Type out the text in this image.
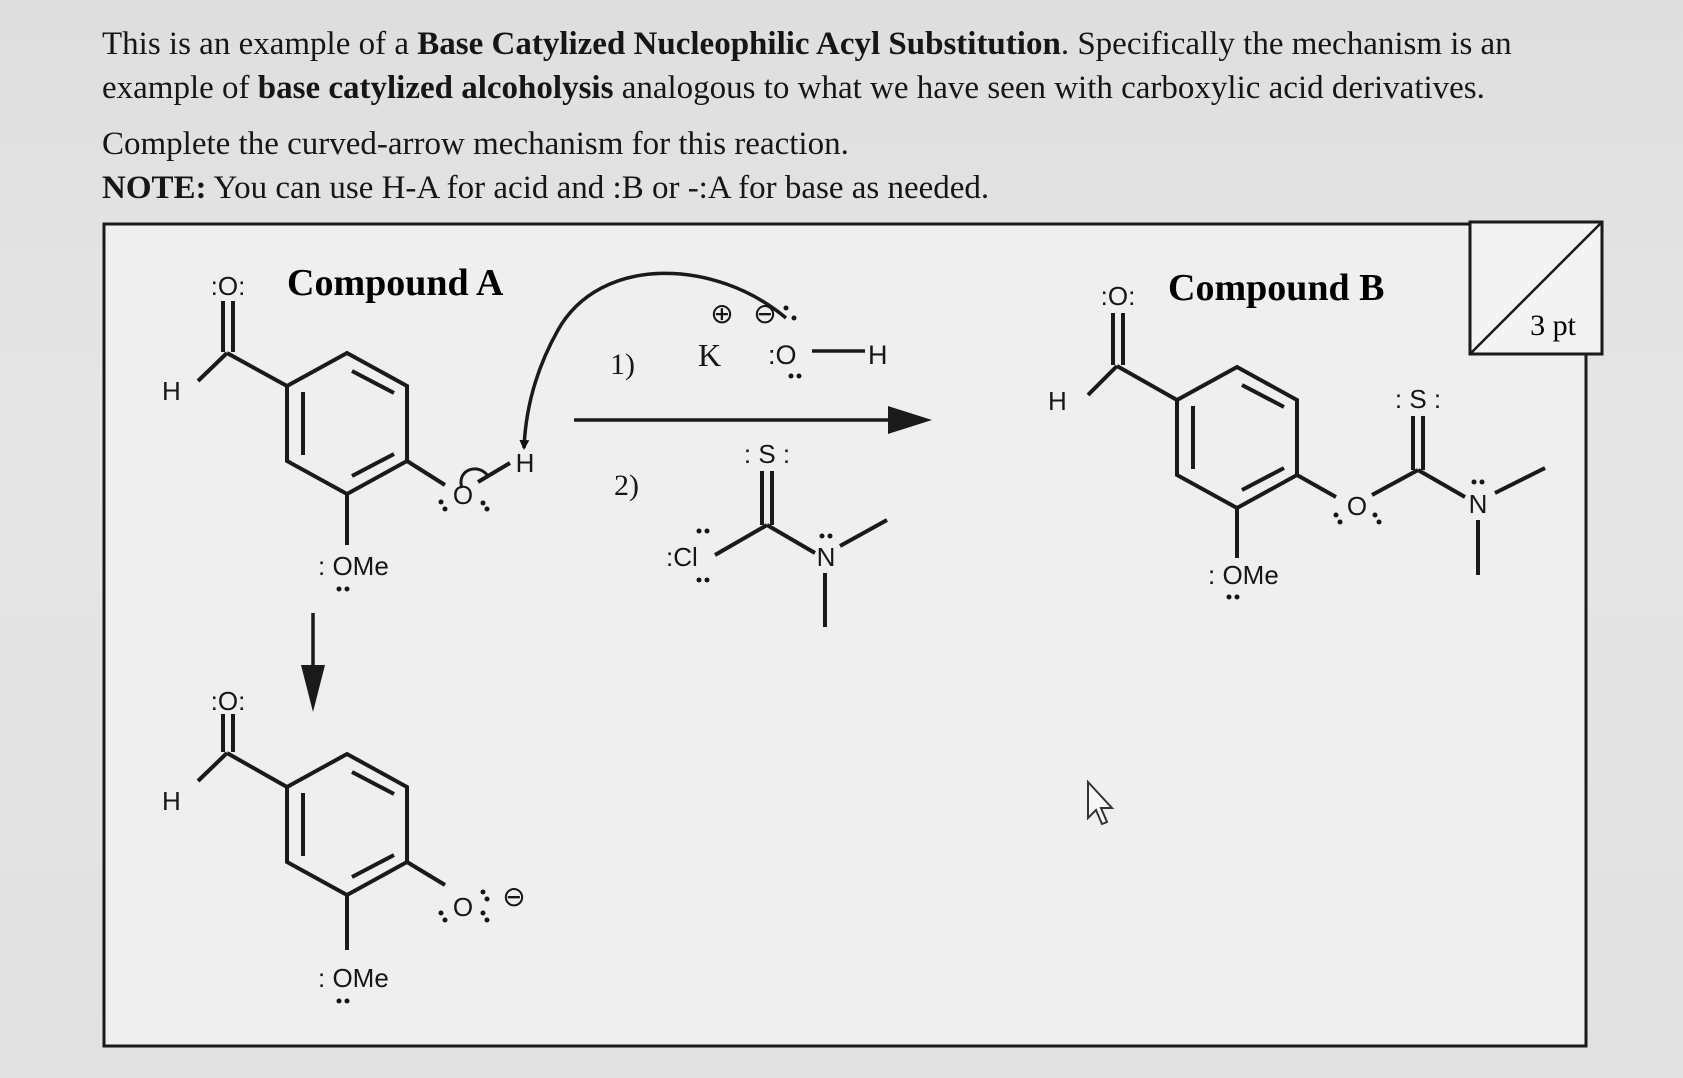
This is an example of a Base Catylized Nucleophilic Acyl Substitution. Specifically the mechanism is an
example of base catylized alcoholysis analogous to what we have seen with carboxylic acid derivatives.
Complete the curved-arrow mechanism for this reaction.
NOTE: You can use H-A for acid and :B or -:A for base as needed.
3 pt
H
:O:
O
H
: OMe
Compound A
1) K
⊕ ⊖
:O	H
2)
: S :
:Cl	N
:O:
H
O ⊖
: OMe
:O:
H
O
: S :
N
: OMe
Compound B
